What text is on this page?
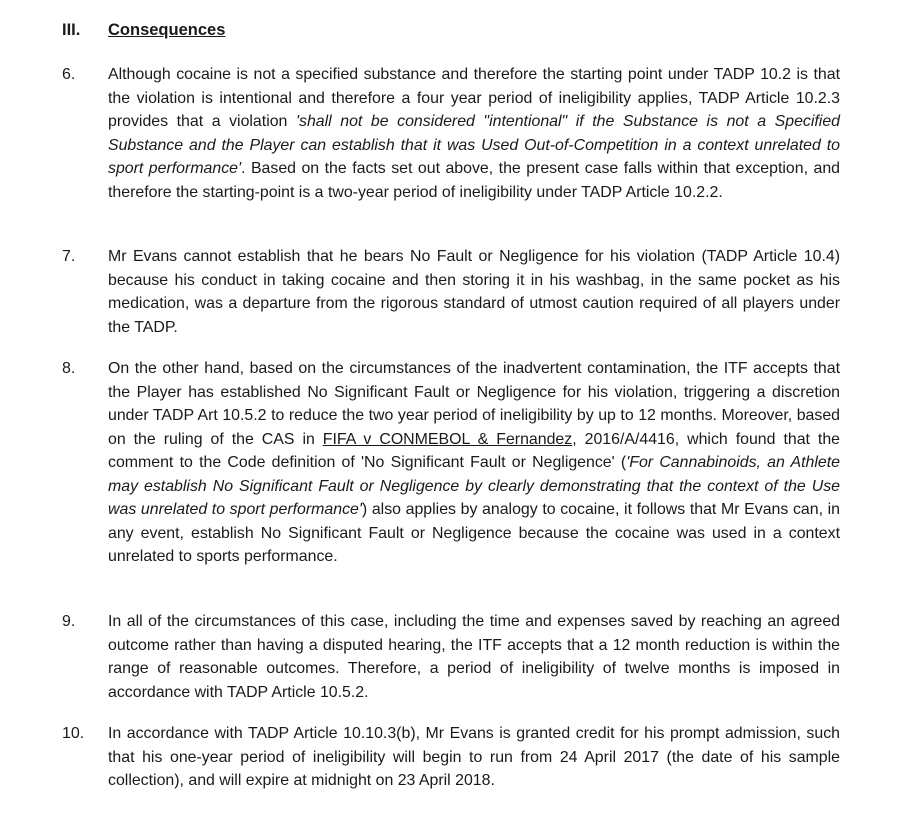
III.	Consequences
6. Although cocaine is not a specified substance and therefore the starting point under TADP 10.2 is that the violation is intentional and therefore a four year period of ineligibility applies, TADP Article 10.2.3 provides that a violation 'shall not be considered "intentional" if the Substance is not a Specified Substance and the Player can establish that it was Used Out-of-Competition in a context unrelated to sport performance'. Based on the facts set out above, the present case falls within that exception, and therefore the starting-point is a two-year period of ineligibility under TADP Article 10.2.2.
7. Mr Evans cannot establish that he bears No Fault or Negligence for his violation (TADP Article 10.4) because his conduct in taking cocaine and then storing it in his washbag, in the same pocket as his medication, was a departure from the rigorous standard of utmost caution required of all players under the TADP.
8. On the other hand, based on the circumstances of the inadvertent contamination, the ITF accepts that the Player has established No Significant Fault or Negligence for his violation, triggering a discretion under TADP Art 10.5.2 to reduce the two year period of ineligibility by up to 12 months. Moreover, based on the ruling of the CAS in FIFA v CONMEBOL & Fernandez, 2016/A/4416, which found that the comment to the Code definition of 'No Significant Fault or Negligence' ('For Cannabinoids, an Athlete may establish No Significant Fault or Negligence by clearly demonstrating that the context of the Use was unrelated to sport performance') also applies by analogy to cocaine, it follows that Mr Evans can, in any event, establish No Significant Fault or Negligence because the cocaine was used in a context unrelated to sports performance.
9. In all of the circumstances of this case, including the time and expenses saved by reaching an agreed outcome rather than having a disputed hearing, the ITF accepts that a 12 month reduction is within the range of reasonable outcomes. Therefore, a period of ineligibility of twelve months is imposed in accordance with TADP Article 10.5.2.
10. In accordance with TADP Article 10.10.3(b), Mr Evans is granted credit for his prompt admission, such that his one-year period of ineligibility will begin to run from 24 April 2017 (the date of his sample collection), and will expire at midnight on 23 April 2018.
